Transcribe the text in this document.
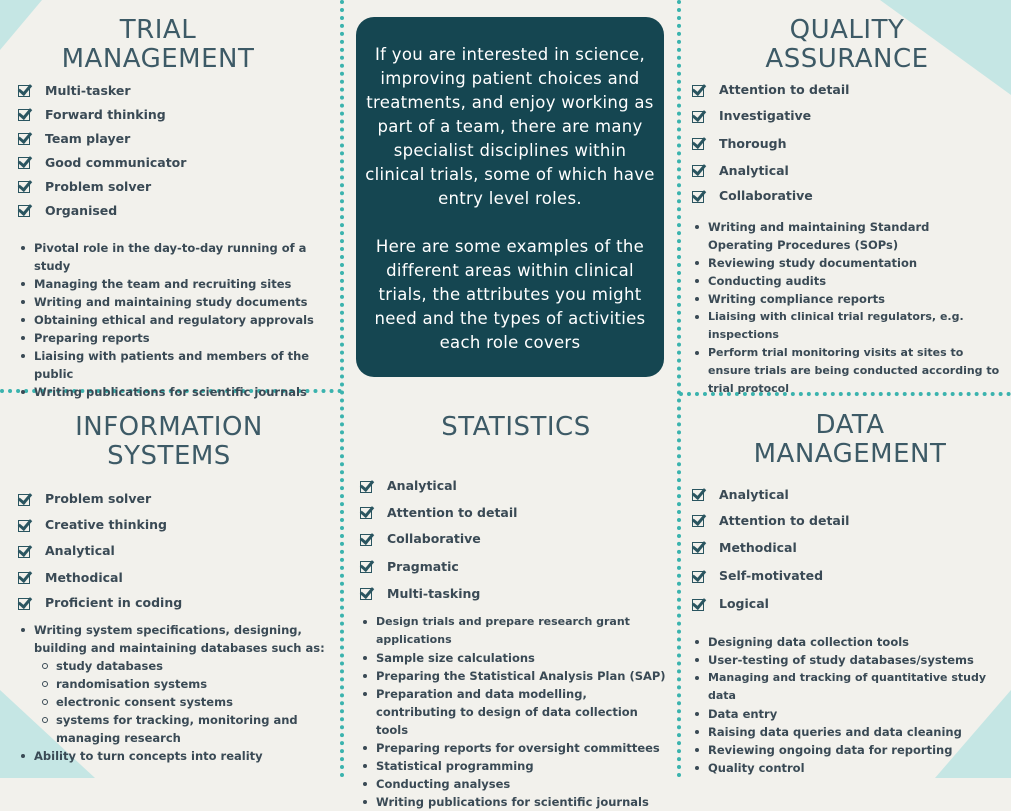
TRIAL
MANAGEMENT
Multi-tasker
Forward thinking
Team player
Good communicator
Problem solver
Organised
Pivotal role in the day-to-day running of a study
Managing the team and recruiting sites
Writing and maintaining study documents
Obtaining ethical and regulatory approvals
Preparing reports
Liaising with patients and members of the public
Writing publications for scientific journals

If you are interested in science, improving patient choices and treatments, and enjoy working as part of a team, there are many specialist disciplines within clinical trials, some of which have entry level roles.

Here are some examples of the different areas within clinical trials, the attributes you might need and the types of activities each role covers

QUALITY
ASSURANCE
Attention to detail
Investigative
Thorough
Analytical
Collaborative
Writing and maintaining Standard Operating Procedures (SOPs)
Reviewing study documentation
Conducting audits
Writing compliance reports
Liaising with clinical trial regulators, e.g. inspections
Perform trial monitoring visits at sites to ensure trials are being conducted according to trial protocol
INFORMATION
SYSTEMS
Problem solver
Creative thinking
Analytical
Methodical
Proficient in coding
Writing system specifications, designing, building and maintaining databases such as:
study databases
randomisation systems
electronic consent systems
systems for tracking, monitoring and managing research
Ability to turn concepts into reality
STATISTICS
Analytical
Attention to detail
Collaborative
Pragmatic
Multi-tasking
Design trials and prepare research grant applications
Sample size calculations
Preparing the Statistical Analysis Plan (SAP)
Preparation and data modelling, contributing to design of data collection tools
Preparing reports for oversight committees
Statistical programming
Conducting analyses
Writing publications for scientific journals
DATA
MANAGEMENT
Analytical
Attention to detail
Methodical
Self-motivated
Logical
Designing data collection tools
User-testing of study databases/systems
Managing and tracking of quantitative study data
Data entry
Raising data queries and data cleaning
Reviewing ongoing data for reporting
Quality control
